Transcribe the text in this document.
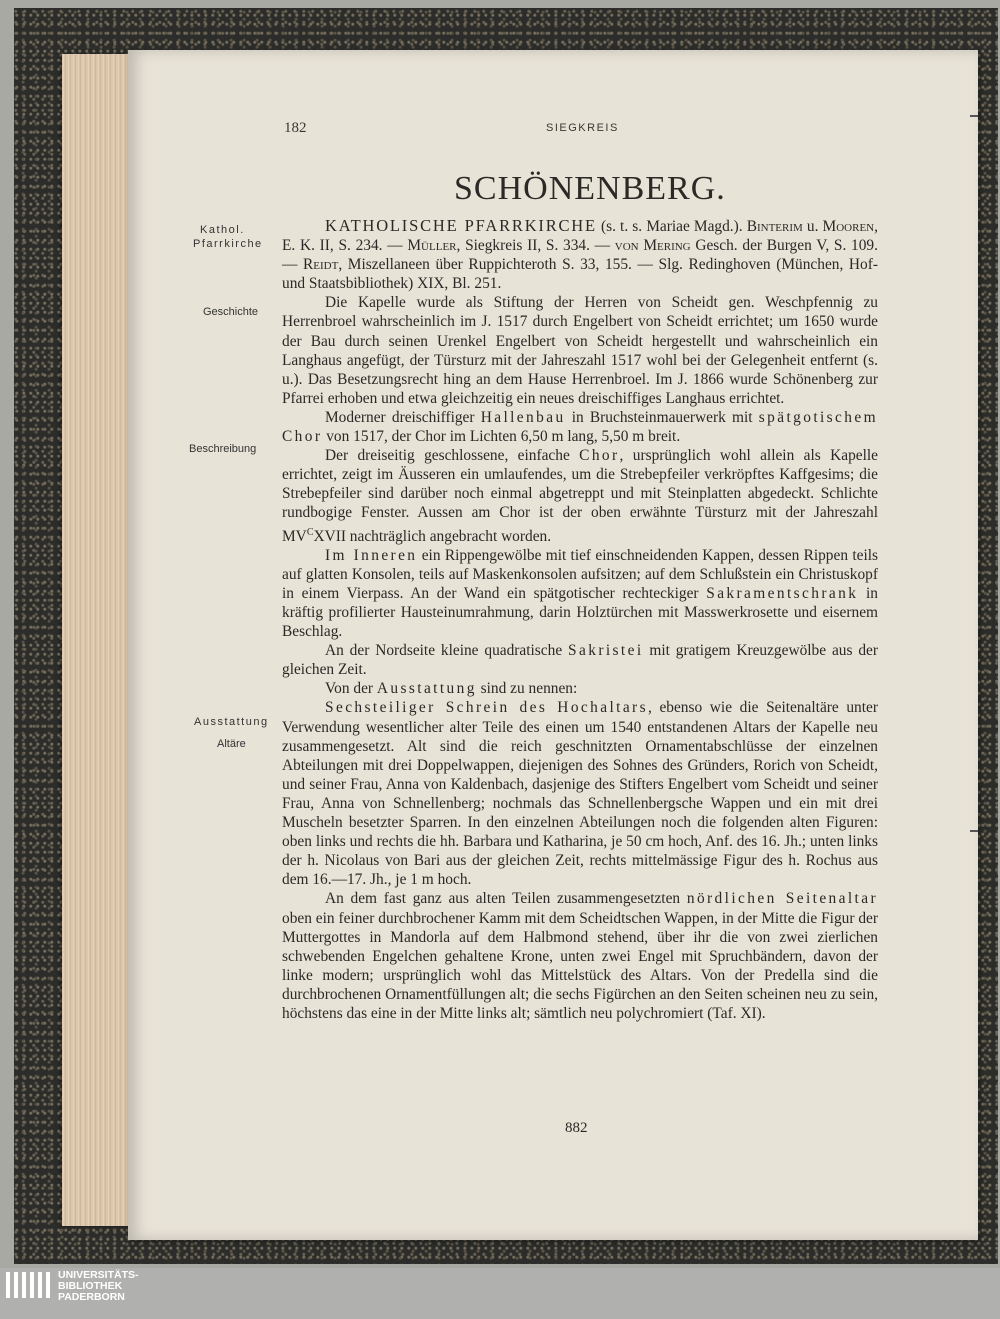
182	SIEGKREIS
SCHÖNENBERG.
Kathol.
Pfarrkirche
Geschichte
Beschreibung
Ausstattung
Altäre

KATHOLISCHE PFARRKIRCHE (s. t. s. Mariae Magd.). Binterim u. Mooren, E. K. II, S. 234. — Müller, Siegkreis II, S. 334. — von Mering Gesch. der Burgen V, S. 109. — Reidt, Miszellaneen über Ruppichteroth S. 33, 155. — Slg. Redinghoven (München, Hof- und Staatsbibliothek) XIX, Bl. 251.

Die Kapelle wurde als Stiftung der Herren von Scheidt gen. Weschpfennig zu Herrenbroel wahrscheinlich im J. 1517 durch Engelbert von Scheidt errichtet; um 1650 wurde der Bau durch seinen Urenkel Engelbert von Scheidt hergestellt und wahrscheinlich ein Langhaus angefügt, der Türsturz mit der Jahreszahl 1517 wohl bei der Gelegenheit entfernt (s. u.). Das Besetzungsrecht hing an dem Hause Herrenbroel. Im J. 1866 wurde Schönenberg zur Pfarrei erhoben und etwa gleichzeitig ein neues dreischiffiges Langhaus errichtet.

Moderner dreischiffiger Hallenbau in Bruchsteinmauerwerk mit spätgotischem Chor von 1517, der Chor im Lichten 6,50 m lang, 5,50 m breit.

Der dreiseitig geschlossene, einfache Chor, ursprünglich wohl allein als Kapelle errichtet, zeigt im Äusseren ein umlaufendes, um die Strebepfeiler verkröpftes Kaffgesims; die Strebepfeiler sind darüber noch einmal abgetreppt und mit Steinplatten abgedeckt. Schlichte rundbogige Fenster. Aussen am Chor ist der oben erwähnte Türsturz mit der Jahreszahl $MV^CXVII$ nachträglich angebracht worden.

Im Inneren ein Rippengewölbe mit tief einschneidenden Kappen, dessen Rippen teils auf glatten Konsolen, teils auf Maskenkonsolen aufsitzen; auf dem Schlußstein ein Christuskopf in einem Vierpass. An der Wand ein spätgotischer rechteckiger Sakramentschrank in kräftig profilierter Hausteinumrahmung, darin Holztürchen mit Masswerkrosette und eisernem Beschlag.

An der Nordseite kleine quadratische Sakristei mit gratigem Kreuzgewölbe aus der gleichen Zeit.

Von der Ausstattung sind zu nennen:

Sechsteiliger Schrein des Hochaltars, ebenso wie die Seitenaltäre unter Verwendung wesentlicher alter Teile des einen um 1540 entstandenen Altars der Kapelle neu zusammengesetzt. Alt sind die reich geschnitzten Ornamentabschlüsse der einzelnen Abteilungen mit drei Doppelwappen, diejenigen des Sohnes des Gründers, Rorich von Scheidt, und seiner Frau, Anna von Kaldenbach, dasjenige des Stifters Engelbert vom Scheidt und seiner Frau, Anna von Schnellenberg; nochmals das Schnellenbergsche Wappen und ein mit drei Muscheln besetzter Sparren. In den einzelnen Abteilungen noch die folgenden alten Figuren: oben links und rechts die hh. Barbara und Katharina, je 50 cm hoch, Anf. des 16. Jh.; unten links der h. Nicolaus von Bari aus der gleichen Zeit, rechts mittelmässige Figur des h. Rochus aus dem 16.—17. Jh., je 1 m hoch.

An dem fast ganz aus alten Teilen zusammengesetzten nördlichen Seitenaltar oben ein feiner durchbrochener Kamm mit dem Scheidtschen Wappen, in der Mitte die Figur der Muttergottes in Mandorla auf dem Halbmond stehend, über ihr die von zwei zierlichen schwebenden Engelchen gehaltene Krone, unten zwei Engel mit Spruchbändern, davon der linke modern; ursprünglich wohl das Mittelstück des Altars. Von der Predella sind die durchbrochenen Ornamentfüllungen alt; die sechs Figürchen an den Seiten scheinen neu zu sein, höchstens das eine in der Mitte links alt; sämtlich neu polychromiert (Taf. XI).

882
UNIVERSITÄTS-
BIBLIOTHEK
PADERBORN
